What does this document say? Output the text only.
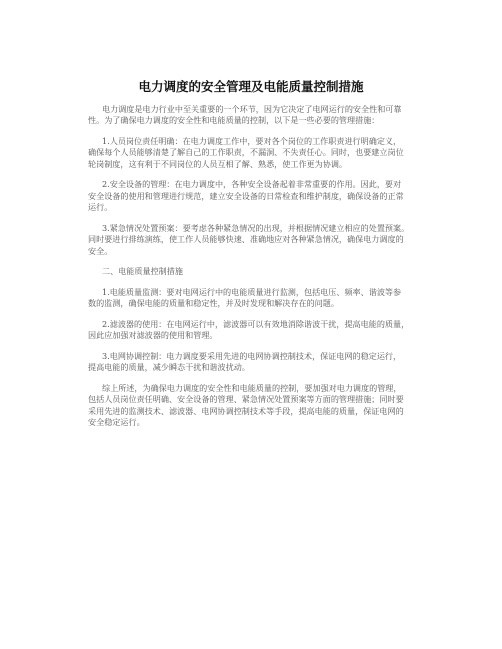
电力调度的安全管理及电能质量控制措施
电力调度是电力行业中至关重要的一个环节，因为它决定了电网运行的安全性和可靠
性。为了确保电力调度的安全性和电能质量的控制，以下是一些必要的管理措施：
1.人员岗位责任明确：在电力调度工作中，要对各个岗位的工作职责进行明确定义，
确保每个人员能够清楚了解自己的工作职责，不漏洞、不失责任心。同时，也要建立岗位
轮岗制度，这有利于不同岗位的人员互相了解、熟悉，使工作更为协调。
2.安全设备的管理：在电力调度中，各种安全设备起着非常重要的作用。因此，要对
安全设备的使用和管理进行规范，建立安全设备的日常检查和维护制度，确保设备的正常
运行。
3.紧急情况处置预案：要考虑各种紧急情况的出现，并根据情况建立相应的处置预案。
同时要进行排练演练，使工作人员能够快速、准确地应对各种紧急情况，确保电力调度的
安全。
二、电能质量控制措施
1.电能质量监测：要对电网运行中的电能质量进行监测，包括电压、频率、谐波等参
数的监测，确保电能的质量和稳定性，并及时发现和解决存在的问题。
2.滤波器的使用：在电网运行中，滤波器可以有效地消除谐波干扰，提高电能的质量，
因此应加强对滤波器的使用和管理。
3.电网协调控制：电力调度要采用先进的电网协调控制技术，保证电网的稳定运行，
提高电能的质量，减少瞬态干扰和谐波扰动。
综上所述，为确保电力调度的安全性和电能质量的控制，要加强对电力调度的管理，
包括人员岗位责任明确、安全设备的管理、紧急情况处置预案等方面的管理措施；同时要
采用先进的监测技术、滤波器、电网协调控制技术等手段，提高电能的质量，保证电网的
安全稳定运行。
